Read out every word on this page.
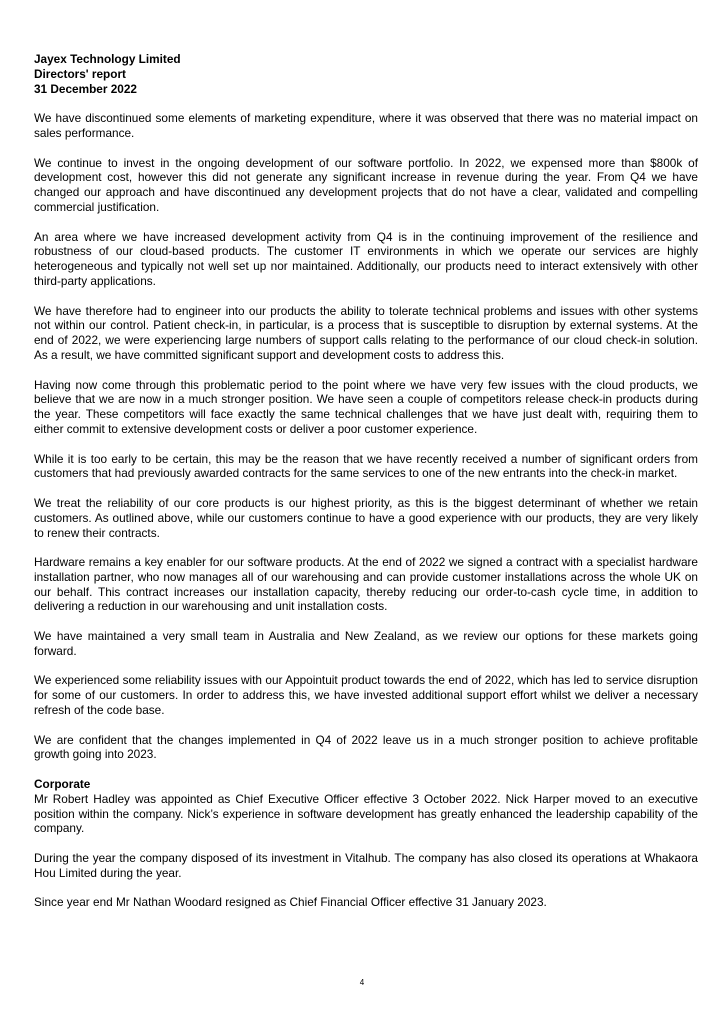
Jayex Technology Limited
Directors' report
31 December 2022

We have discontinued some elements of marketing expenditure, where it was observed that there was no material impact on sales performance.

We continue to invest in the ongoing development of our software portfolio. In 2022, we expensed more than $800k of development cost, however this did not generate any significant increase in revenue during the year. From Q4 we have changed our approach and have discontinued any development projects that do not have a clear, validated and compelling commercial justification.

An area where we have increased development activity from Q4 is in the continuing improvement of the resilience and robustness of our cloud-based products. The customer IT environments in which we operate our services are highly heterogeneous and typically not well set up nor maintained. Additionally, our products need to interact extensively with other third-party applications.

We have therefore had to engineer into our products the ability to tolerate technical problems and issues with other systems not within our control. Patient check-in, in particular, is a process that is susceptible to disruption by external systems. At the end of 2022, we were experiencing large numbers of support calls relating to the performance of our cloud check-in solution. As a result, we have committed significant support and development costs to address this.

Having now come through this problematic period to the point where we have very few issues with the cloud products, we believe that we are now in a much stronger position. We have seen a couple of competitors release check-in products during the year. These competitors will face exactly the same technical challenges that we have just dealt with, requiring them to either commit to extensive development costs or deliver a poor customer experience.

While it is too early to be certain, this may be the reason that we have recently received a number of significant orders from customers that had previously awarded contracts for the same services to one of the new entrants into the check-in market.

We treat the reliability of our core products is our highest priority, as this is the biggest determinant of whether we retain customers. As outlined above, while our customers continue to have a good experience with our products, they are very likely to renew their contracts.

Hardware remains a key enabler for our software products. At the end of 2022 we signed a contract with a specialist hardware installation partner, who now manages all of our warehousing and can provide customer installations across the whole UK on our behalf. This contract increases our installation capacity, thereby reducing our order-to-cash cycle time, in addition to delivering a reduction in our warehousing and unit installation costs.

We have maintained a very small team in Australia and New Zealand, as we review our options for these markets going forward.

We experienced some reliability issues with our Appointuit product towards the end of 2022, which has led to service disruption for some of our customers. In order to address this, we have invested additional support effort whilst we deliver a necessary refresh of the code base.

We are confident that the changes implemented in Q4 of 2022 leave us in a much stronger position to achieve profitable growth going into 2023.

Corporate

Mr Robert Hadley was appointed as Chief Executive Officer effective 3 October 2022. Nick Harper moved to an executive position within the company. Nick’s experience in software development has greatly enhanced the leadership capability of the company.

During the year the company disposed of its investment in Vitalhub. The company has also closed its operations at Whakaora Hou Limited during the year.

Since year end Mr Nathan Woodard resigned as Chief Financial Officer effective 31 January 2023.

4
